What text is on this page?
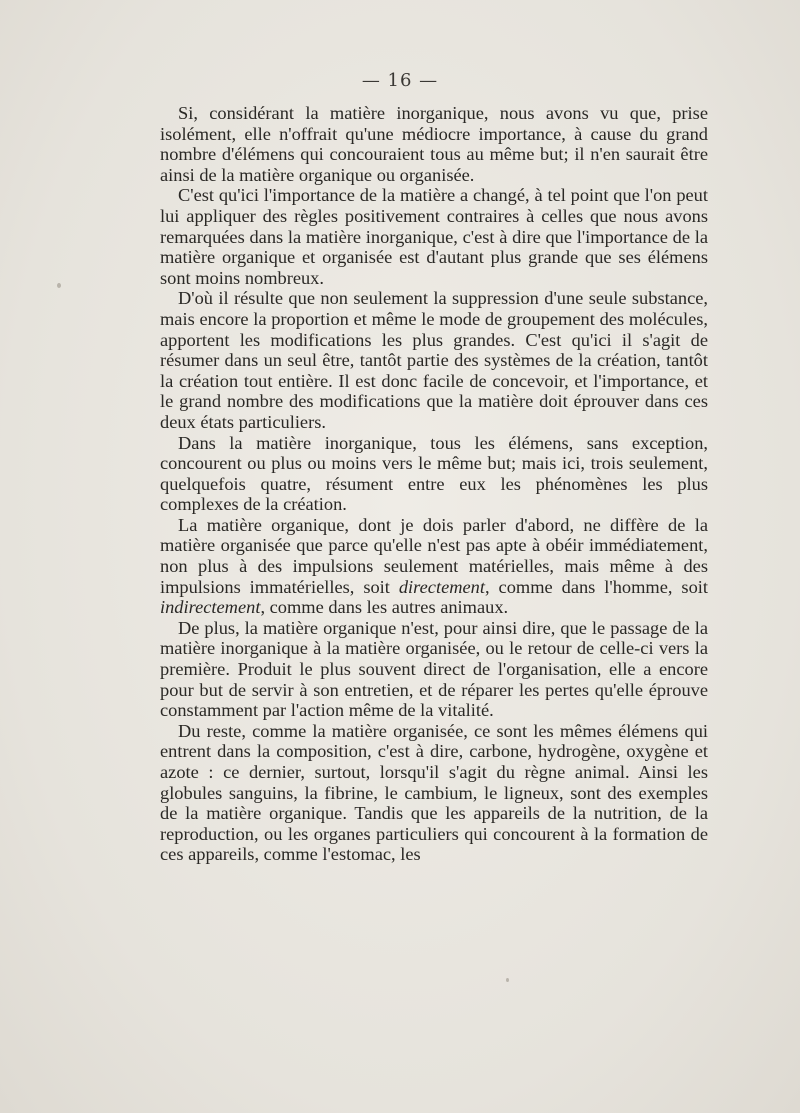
— 16 —

Si, considérant la matière inorganique, nous avons vu que, prise isolément, elle n'offrait qu'une médiocre importance, à cause du grand nombre d'élémens qui concouraient tous au même but; il n'en saurait être ainsi de la matière organique ou organisée.

C'est qu'ici l'importance de la matière a changé, à tel point que l'on peut lui appliquer des règles positivement contraires à celles que nous avons remarquées dans la matière inorganique, c'est à dire que l'importance de la matière organique et organisée est d'autant plus grande que ses élémens sont moins nombreux.

D'où il résulte que non seulement la suppression d'une seule substance, mais encore la proportion et même le mode de groupement des molécules, apportent les modifications les plus grandes. C'est qu'ici il s'agit de résumer dans un seul être, tantôt partie des systèmes de la création, tantôt la création tout entière. Il est donc facile de concevoir, et l'importance, et le grand nombre des modifications que la matière doit éprouver dans ces deux états particuliers.

Dans la matière inorganique, tous les élémens, sans exception, concourent ou plus ou moins vers le même but; mais ici, trois seulement, quelquefois quatre, résument entre eux les phénomènes les plus complexes de la création.

La matière organique, dont je dois parler d'abord, ne diffère de la matière organisée que parce qu'elle n'est pas apte à obéir immédiatement, non plus à des impulsions seulement matérielles, mais même à des impulsions immatérielles, soit directement, comme dans l'homme, soit indirectement, comme dans les autres animaux.

De plus, la matière organique n'est, pour ainsi dire, que le passage de la matière inorganique à la matière organisée, ou le retour de celle-ci vers la première. Produit le plus souvent direct de l'organisation, elle a encore pour but de servir à son entretien, et de réparer les pertes qu'elle éprouve constamment par l'action même de la vitalité.

Du reste, comme la matière organisée, ce sont les mêmes élémens qui entrent dans la composition, c'est à dire, carbone, hydrogène, oxygène et azote : ce dernier, surtout, lorsqu'il s'agit du règne animal. Ainsi les globules sanguins, la fibrine, le cambium, le ligneux, sont des exemples de la matière organique. Tandis que les appareils de la nutrition, de la reproduction, ou les organes particuliers qui concourent à la formation de ces appareils, comme l'estomac, les
